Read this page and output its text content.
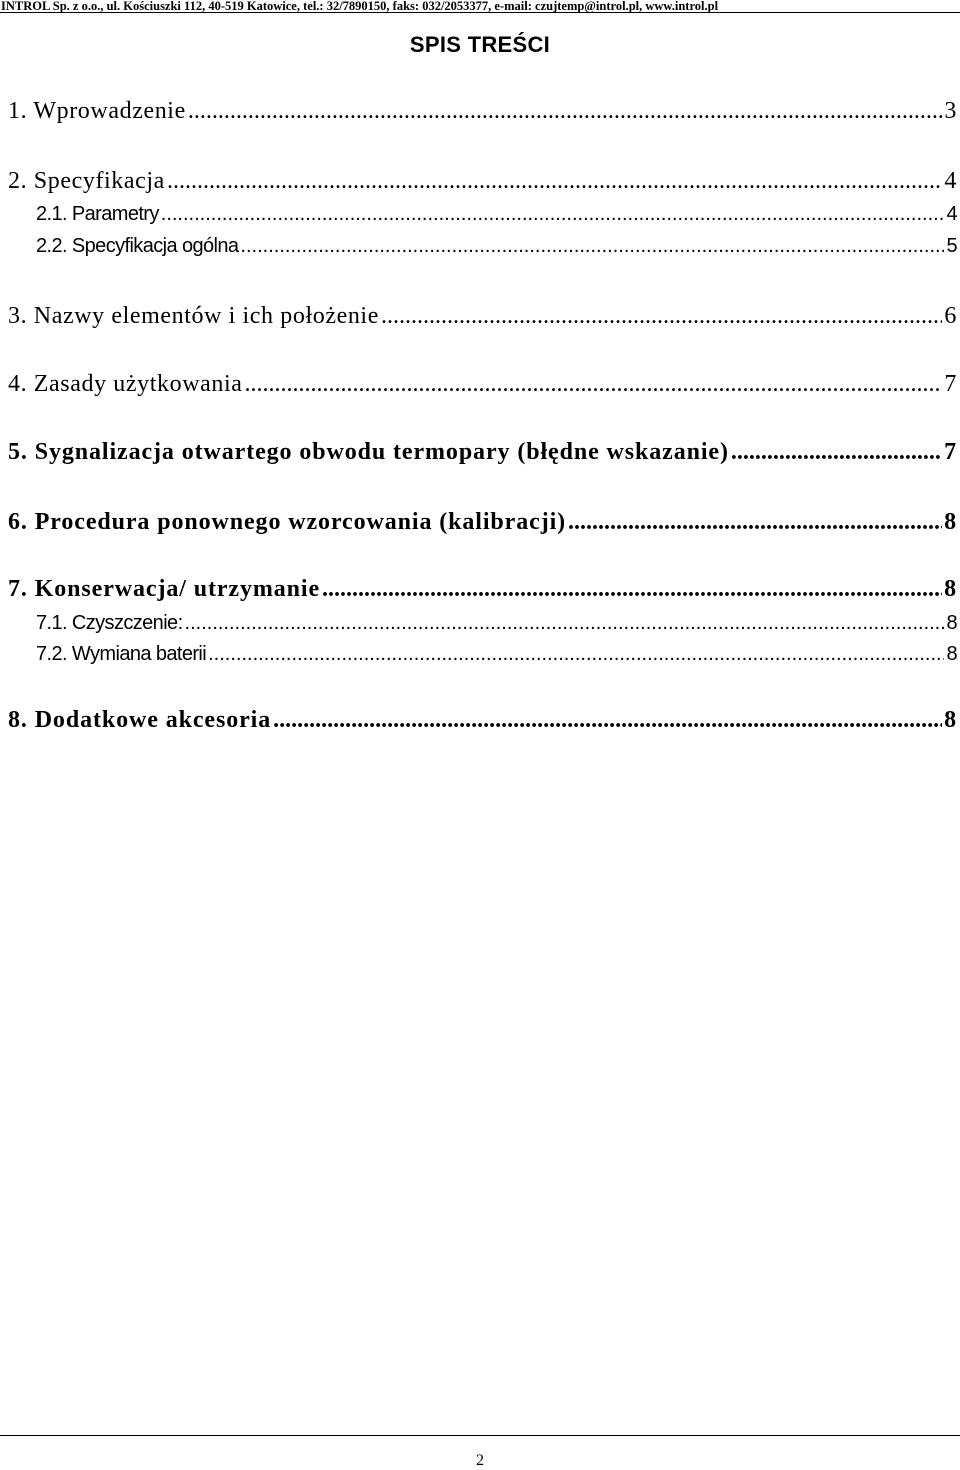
INTROL Sp. z o.o., ul. Kościuszki 112, 40-519 Katowice, tel.: 32/7890150, faks: 032/2053377, e-mail: czujtemp@introl.pl, www.introl.pl
SPIS TREŚCI
1. Wprowadzenie .....	3
2. Specyfikacja .....	4
2.1. Parametry .....	4
2.2. Specyfikacja ogólna .....	5
3. Nazwy elementów i ich położenie .....	6
4. Zasady użytkowania .....	7
5. Sygnalizacja otwartego obwodu termopary (błędne wskazanie) .....	7
6. Procedura ponownego wzorcowania (kalibracji) .....	8
7. Konserwacja/ utrzymanie .....	8
7.1. Czyszczenie: .....	8
7.2. Wymiana baterii .....	8
8. Dodatkowe akcesoria .....	8
2
